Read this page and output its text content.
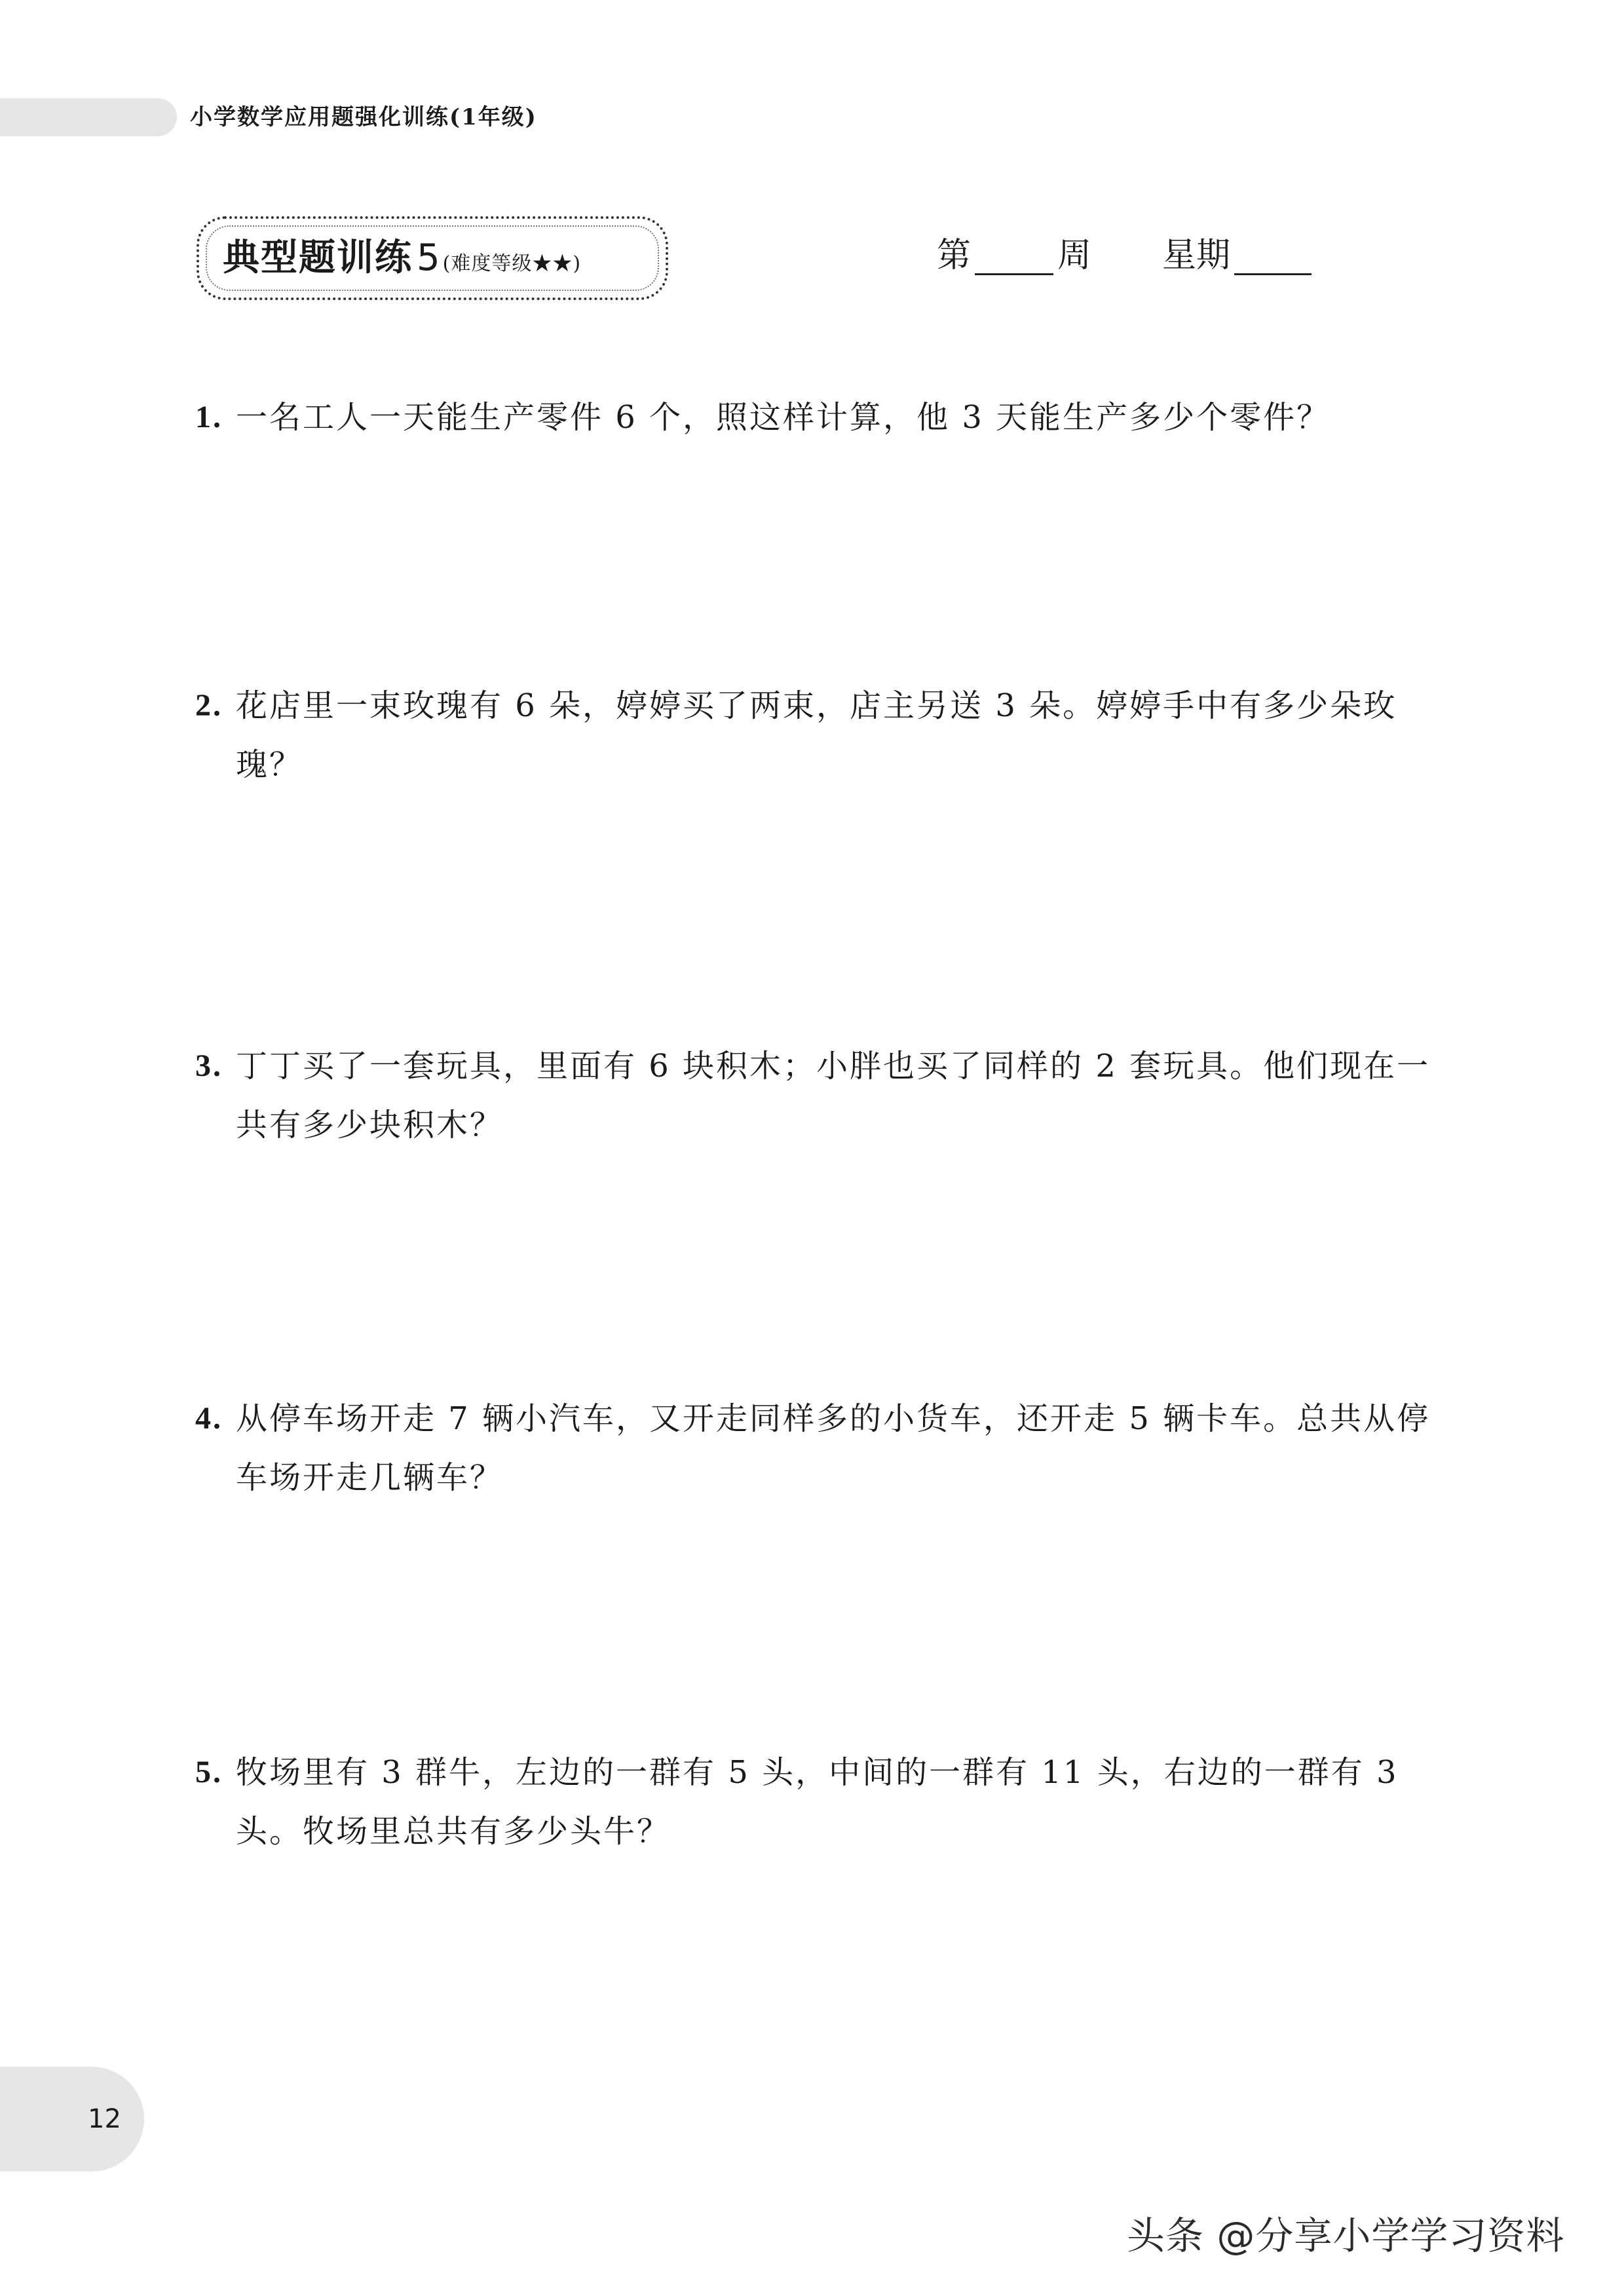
小学数学应用题强化训练(1年级)
典型题训练 5 (难度等级★★)	第	周 星期
1. 一名工人一天能生产零件 6 个，照这样计算，他 3 天能生产多少个零件？
2. 花店里一束玫瑰有 6 朵，婷婷买了两束，店主另送 3 朵。婷婷手中有多少朵玫瑰？
3. 丁丁买了一套玩具，里面有 6 块积木；小胖也买了同样的 2 套玩具。他们现在一共有多少块积木？
4. 从停车场开走 7 辆小汽车，又开走同样多的小货车，还开走 5 辆卡车。总共从停车场开走几辆车？
5. 牧场里有 3 群牛，左边的一群有 5 头，中间的一群有 11 头，右边的一群有 3 头。牧场里总共有多少头牛？
12
头条 @分享小学学习资料
